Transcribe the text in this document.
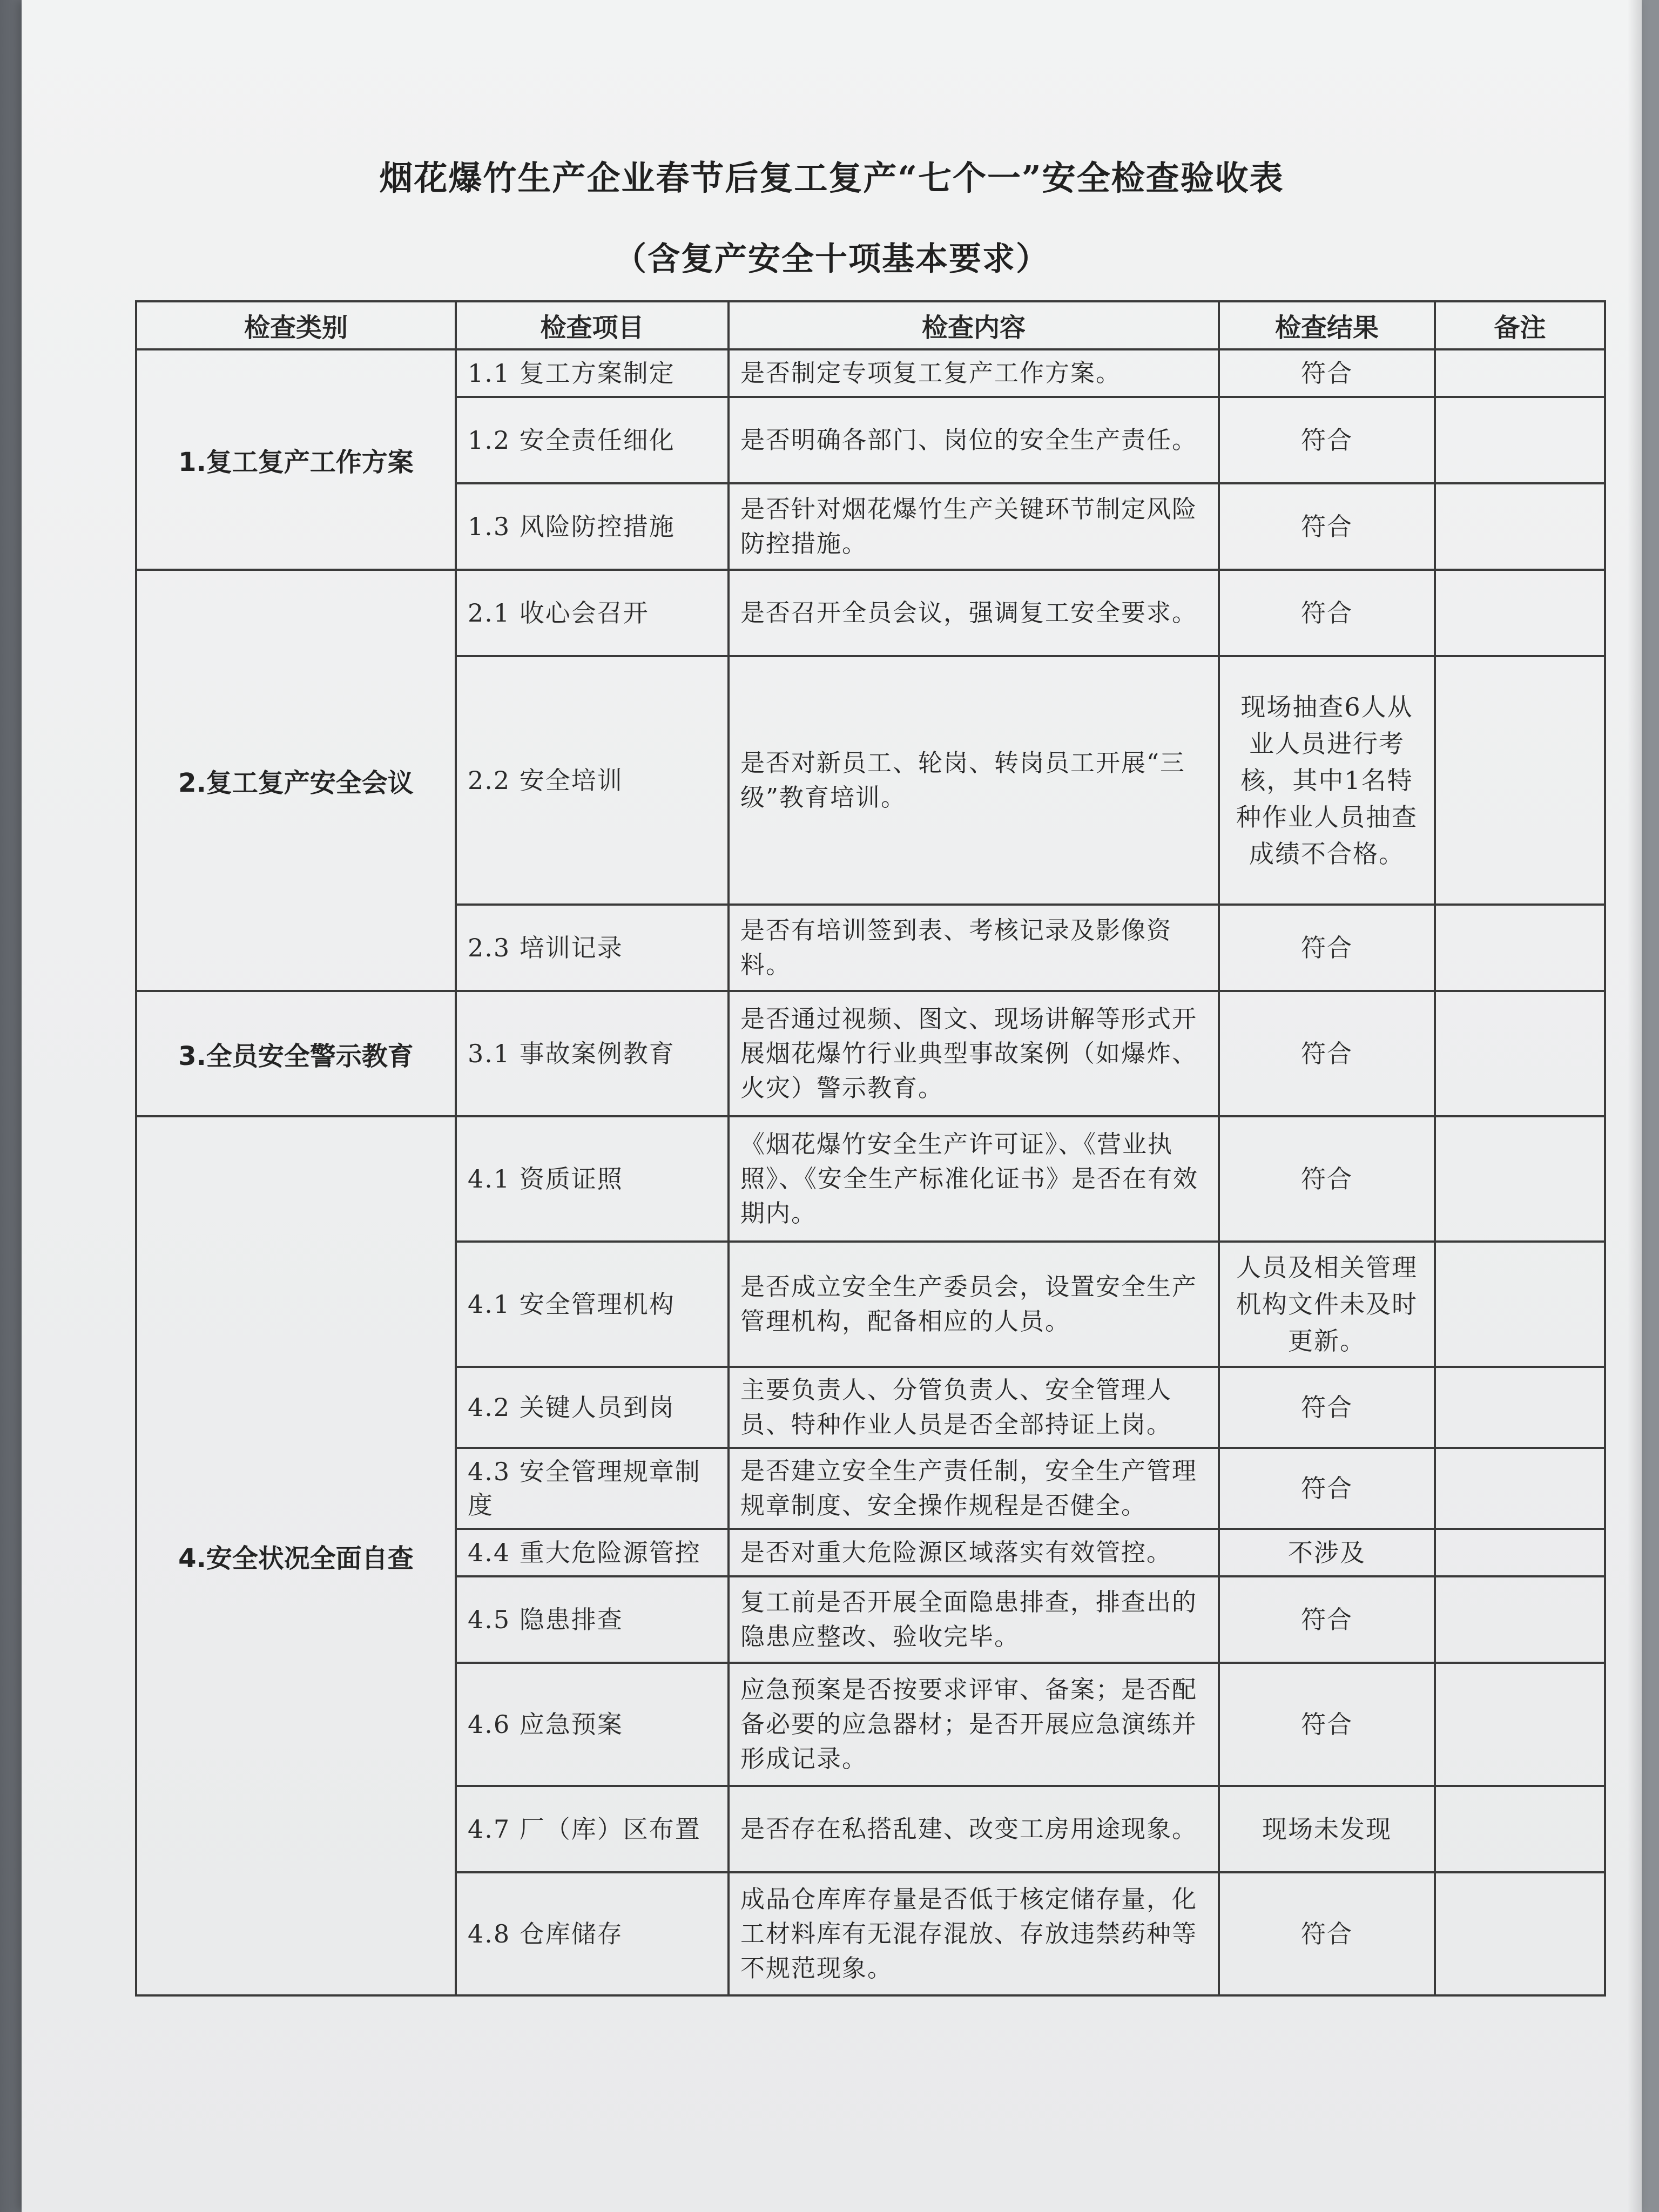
烟花爆竹生产企业春节后复工复产“七个一”安全检查验收表
（含复产安全十项基本要求）
检查类别	检查项目	检查内容	检查结果	备注
1.复工复产工作方案	1.1 复工方案制定	是否制定专项复工复产工作方案。	符合	
	1.2 安全责任细化	是否明确各部门、岗位的安全生产责任。	符合	
	1.3 风险防控措施	是否针对烟花爆竹生产关键环节制定风险防控措施。	符合	
2.复工复产安全会议	2.1 收心会召开	是否召开全员会议，强调复工安全要求。	符合	
	2.2 安全培训	是否对新员工、轮岗、转岗员工开展“三级”教育培训。	现场抽查6人从业人员进行考核，其中1名特种作业人员抽查成绩不合格。	
	2.3 培训记录	是否有培训签到表、考核记录及影像资料。	符合	
3.全员安全警示教育	3.1 事故案例教育	是否通过视频、图文、现场讲解等形式开展烟花爆竹行业典型事故案例（如爆炸、火灾）警示教育。	符合	
4.安全状况全面自查	4.1 资质证照	《烟花爆竹安全生产许可证》、《营业执照》、《安全生产标准化证书》是否在有效期内。	符合	
	4.1 安全管理机构	是否成立安全生产委员会，设置安全生产管理机构，配备相应的人员。	人员及相关管理机构文件未及时更新。	
	4.2 关键人员到岗	主要负责人、分管负责人、安全管理人员、特种作业人员是否全部持证上岗。	符合	
	4.3 安全管理规章制度	是否建立安全生产责任制，安全生产管理规章制度、安全操作规程是否健全。	符合	
	4.4 重大危险源管控	是否对重大危险源区域落实有效管控。	不涉及	
	4.5 隐患排查	复工前是否开展全面隐患排查，排查出的隐患应整改、验收完毕。	符合	
	4.6 应急预案	应急预案是否按要求评审、备案；是否配备必要的应急器材；是否开展应急演练并形成记录。	符合	
	4.7 厂（库）区布置	是否存在私搭乱建、改变工房用途现象。	现场未发现	
	4.8 仓库储存	成品仓库库存量是否低于核定储存量，化工材料库有无混存混放、存放违禁药种等不规范现象。	符合	
